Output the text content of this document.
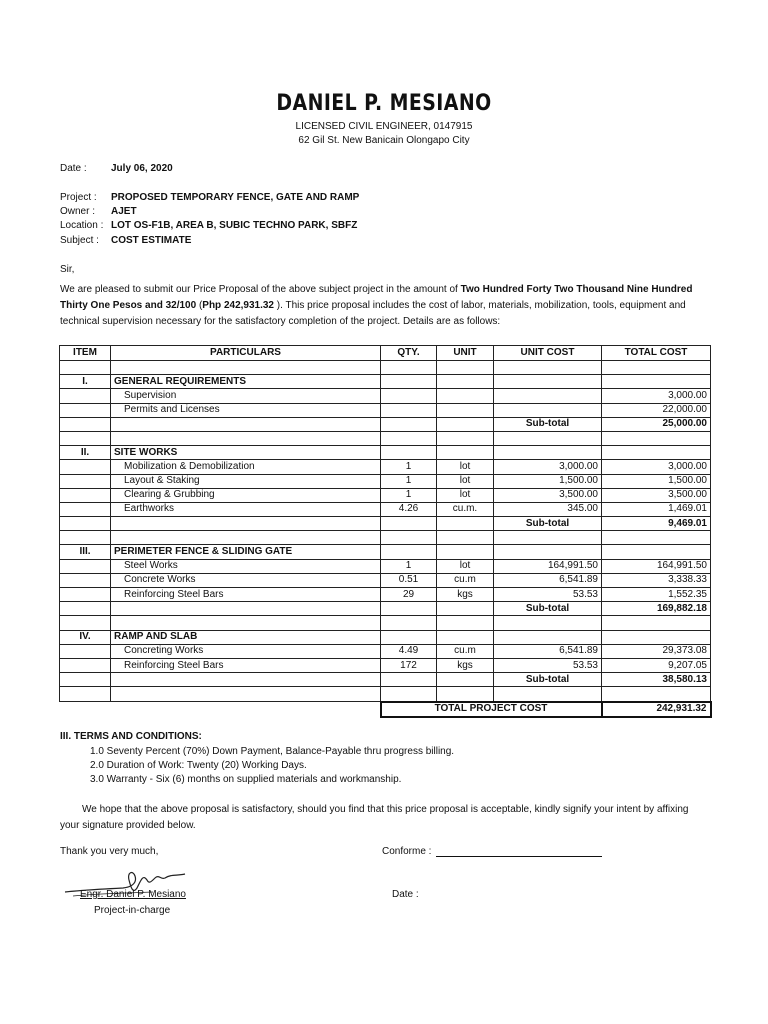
DANIEL P. MESIANO
LICENSED CIVIL ENGINEER, 0147915
62 Gil St. New Banicain Olongapo City
Date : July 06, 2020
Project : PROPOSED TEMPORARY FENCE, GATE AND RAMP
Owner : AJET
Location : LOT OS-F1B, AREA B, SUBIC TECHNO PARK, SBFZ
Subject : COST ESTIMATE
Sir,
We are pleased to submit our Price Proposal of the above subject project in the amount of Two Hundred Forty Two Thousand Nine Hundred Thirty One Pesos and 32/100 (Php 242,931.32 ). This price proposal includes the cost of labor, materials, mobilization, tools, equipment and technical supervision necessary for the satisfactory completion of the project. Details are as follows:
ITEM	PARTICULARS	QTY.	UNIT	UNIT COST	TOTAL COST

I.	GENERAL REQUIREMENTS				
	Supervision				3,000.00
	Permits and Licenses				22,000.00
				Sub-total	25,000.00

II.	SITE WORKS				
	Mobilization & Demobilization	1	lot	3,000.00	3,000.00
	Layout & Staking	1	lot	1,500.00	1,500.00
	Clearing & Grubbing	1	lot	3,500.00	3,500.00
	Earthworks	4.26	cu.m.	345.00	1,469.01
				Sub-total	9,469.01

III.	PERIMETER FENCE & SLIDING GATE				
	Steel Works	1	lot	164,991.50	164,991.50
	Concrete Works	0.51	cu.m	6,541.89	3,338.33
	Reinforcing Steel Bars	29	kgs	53.53	1,552.35
				Sub-total	169,882.18

IV.	RAMP AND SLAB				
	Concreting Works	4.49	cu.m	6,541.89	29,373.08
	Reinforcing Steel Bars	172	kgs	53.53	9,207.05
				Sub-total	38,580.13

		TOTAL PROJECT COST			242,931.32
III. TERMS AND CONDITIONS:
1.0 Seventy Percent (70%) Down Payment, Balance-Payable thru progress billing.
2.0 Duration of Work: Twenty (20) Working Days.
3.0 Warranty - Six (6) months on supplied materials and workmanship.
We hope that the above proposal is satisfactory, should you find that this price proposal is acceptable, kindly signify your intent by affixing your signature provided below.
Thank you very much,	Conforme :
Engr. Daniel P. Mesiano
Project-in-charge
Date :
